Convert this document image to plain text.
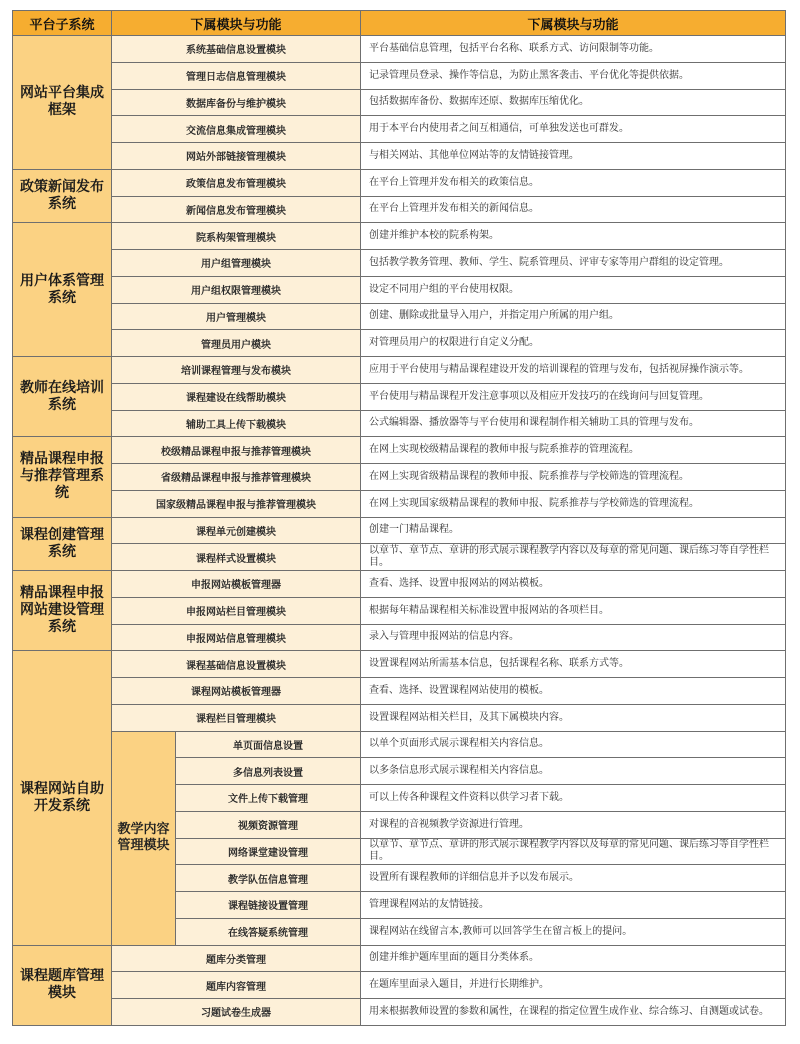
平台子系统	下属模块与功能		下属模块与功能
网站平台集成框架	系统基础信息设置模块		平台基础信息管理，包括平台名称、联系方式、访问限制等功能。
	管理日志信息管理模块		记录管理员登录、操作等信息，为防止黑客袭击、平台优化等提供依据。
	数据库备份与维护模块		包括数据库备份、数据库还原、数据库压缩优化。
	交流信息集成管理模块		用于本平台内使用者之间互相通信，可单独发送也可群发。
	网站外部链接管理模块		与相关网站、其他单位网站等的友情链接管理。
政策新闻发布系统	政策信息发布管理模块		在平台上管理并发布相关的政策信息。
	新闻信息发布管理模块		在平台上管理并发布相关的新闻信息。
用户体系管理系统	院系构架管理模块		创建并维护本校的院系构架。
	用户组管理模块		包括教学教务管理、教师、学生、院系管理员、评审专家等用户群组的设定管理。
	用户组权限管理模块		设定不同用户组的平台使用权限。
	用户管理模块		创建、删除或批量导入用户，并指定用户所属的用户组。
	管理员用户模块		对管理员用户的权限进行自定义分配。
教师在线培训系统	培训课程管理与发布模块		应用于平台使用与精品课程建设开发的培训课程的管理与发布，包括视屏操作演示等。
	课程建设在线帮助模块		平台使用与精品课程开发注意事项以及相应开发技巧的在线询问与回复管理。
	辅助工具上传下载模块		公式编辑器、播放器等与平台使用和课程制作相关辅助工具的管理与发布。
精品课程申报与推荐管理系统	校级精品课程申报与推荐管理模块		在网上实现校级精品课程的教师申报与院系推荐的管理流程。
	省级精品课程申报与推荐管理模块		在网上实现省级精品课程的教师申报、院系推荐与学校筛选的管理流程。
	国家级精品课程申报与推荐管理模块		在网上实现国家级精品课程的教师申报、院系推荐与学校筛选的管理流程。
课程创建管理系统	课程单元创建模块		创建一门精品课程。
	课程样式设置模块		以章节、章节点、章讲的形式展示课程教学内容以及每章的常见问题、课后练习等自学性栏目。
精品课程申报网站建设管理系统	申报网站模板管理器		查看、选择、设置申报网站的网站模板。
	申报网站栏目管理模块		根据每年精品课程相关标准设置申报网站的各项栏目。
	申报网站信息管理模块		录入与管理申报网站的信息内容。
课程网站自助开发系统	课程基础信息设置模块		设置课程网站所需基本信息，包括课程名称、联系方式等。
	课程网站模板管理器		查看、选择、设置课程网站使用的模板。
	课程栏目管理模块		设置课程网站相关栏目，及其下属模块内容。
	教学内容管理模块	单页面信息设置	以单个页面形式展示课程相关内容信息。
		多信息列表设置	以多条信息形式展示课程相关内容信息。
		文件上传下载管理	可以上传各种课程文件资料以供学习者下载。
		视频资源管理	对课程的音视频教学资源进行管理。
		网络课堂建设管理	以章节、章节点、章讲的形式展示课程教学内容以及每章的常见问题、课后练习等自学性栏目。
		教学队伍信息管理	设置所有课程教师的详细信息并予以发布展示。
		课程链接设置管理	管理课程网站的友情链接。
		在线答疑系统管理	课程网站在线留言本,教师可以回答学生在留言板上的提问。
课程题库管理模块	题库分类管理		创建并维护题库里面的题目分类体系。
	题库内容管理		在题库里面录入题目，并进行长期维护。
	习题试卷生成器		用来根据教师设置的参数和属性，在课程的指定位置生成作业、综合练习、自测题或试卷。
